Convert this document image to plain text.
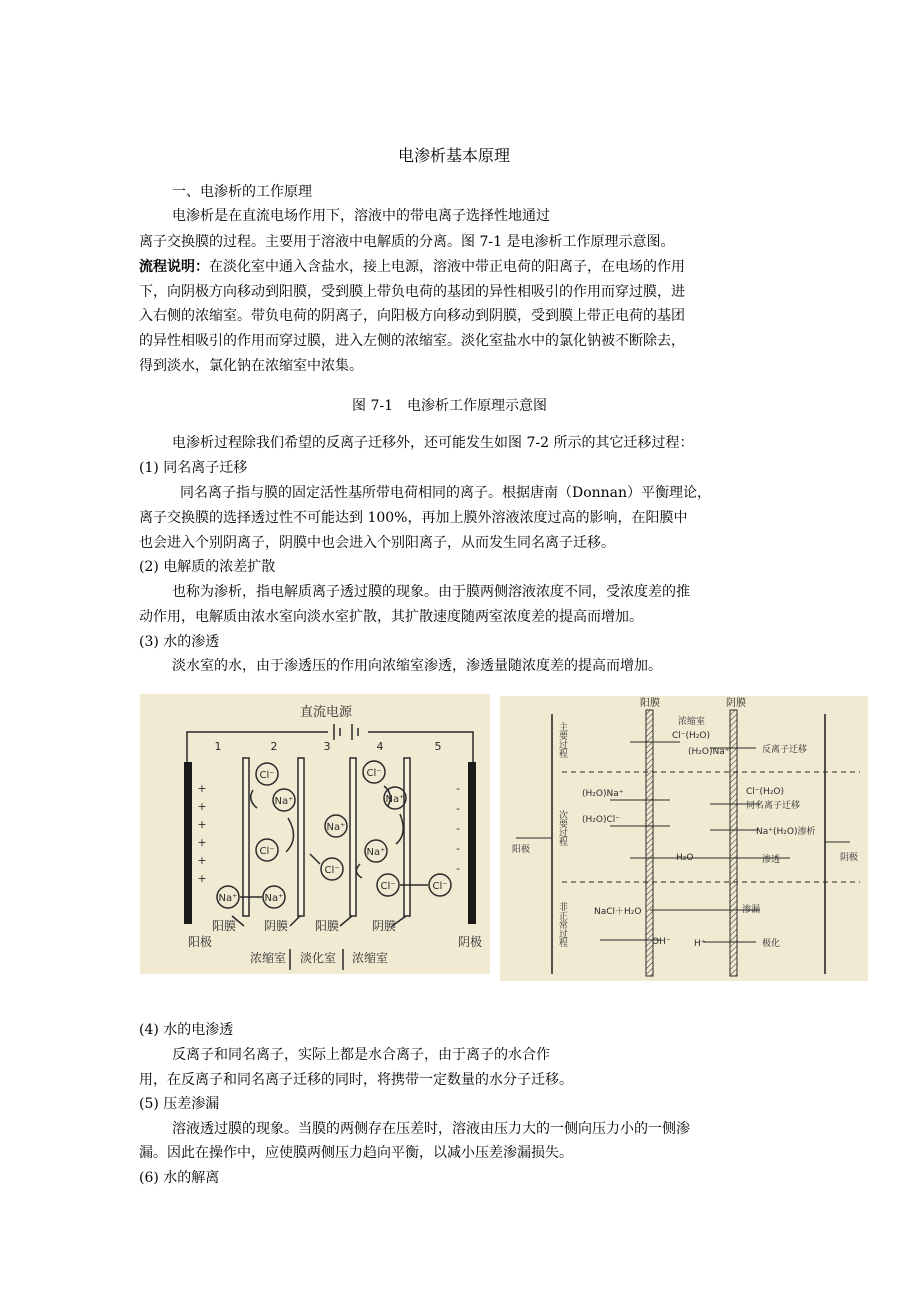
电渗析基本原理
一、电渗析的工作原理
电渗析是在直流电场作用下，溶液中的带电离子选择性地通过
离子交换膜的过程。主要用于溶液中电解质的分离。图 7-1 是电渗析工作原理示意图。
流程说明：在淡化室中通入含盐水，接上电源，溶液中带正电荷的阳离子，在电场的作用
下，向阴极方向移动到阳膜，受到膜上带负电荷的基团的异性相吸引的作用而穿过膜，进
入右侧的浓缩室。带负电荷的阴离子，向阳极方向移动到阴膜，受到膜上带正电荷的基团
的异性相吸引的作用而穿过膜，进入左侧的浓缩室。淡化室盐水中的氯化钠被不断除去，
得到淡水，氯化钠在浓缩室中浓集。
图 7-1　电渗析工作原理示意图
电渗析过程除我们希望的反离子迁移外，还可能发生如图 7-2 所示的其它迁移过程：
(1) 同名离子迁移
同名离子指与膜的固定活性基所带电荷相同的离子。根据唐南（Donnan）平衡理论，
离子交换膜的选择透过性不可能达到 100%，再加上膜外溶液浓度过高的影响，在阳膜中
也会进入个别阴离子，阴膜中也会进入个别阳离子，从而发生同名离子迁移。
(2) 电解质的浓差扩散
也称为渗析，指电解质离子透过膜的现象。由于膜两侧溶液浓度不同，受浓度差的推
动作用，电解质由浓水室向淡水室扩散，其扩散速度随两室浓度差的提高而增加。
(3) 水的渗透
淡水室的水，由于渗透压的作用向浓缩室渗透，渗透量随浓度差的提高而增加。
直流电源
1	2	3	4	5
+
+
+
+
+
+
-
-
-
-
-
Cl⁻
Na⁺
Cl⁻
Cl⁻
Cl⁻
Na⁺
Na⁺
Na⁺
Na⁺	Na⁺
Cl⁻	Cl⁻
阳膜 阴膜 阳膜	阴膜
阳极	阴极
浓缩室 淡化室 浓缩室
阳膜	阴膜
浓缩室
主要过程
次要过程
非正常过程
阳极
阴极
Cl⁻(H₂O)
(H₂O)Na⁺	反离子迁移
(H₂O)Na⁺
(H₂O)Cl⁻
Cl⁻(H₂O)
同名离子迁移
Na⁺(H₂O)渗析
H₂O	渗透
NaCl＋H₂O	渗漏
OH⁻	H⁺	极化
(4) 水的电渗透
反离子和同名离子，实际上都是水合离子，由于离子的水合作
用，在反离子和同名离子迁移的同时，将携带一定数量的水分子迁移。
(5) 压差渗漏
溶液透过膜的现象。当膜的两侧存在压差时，溶液由压力大的一侧向压力小的一侧渗
漏。因此在操作中，应使膜两侧压力趋向平衡，以减小压差渗漏损失。
(6) 水的解离
